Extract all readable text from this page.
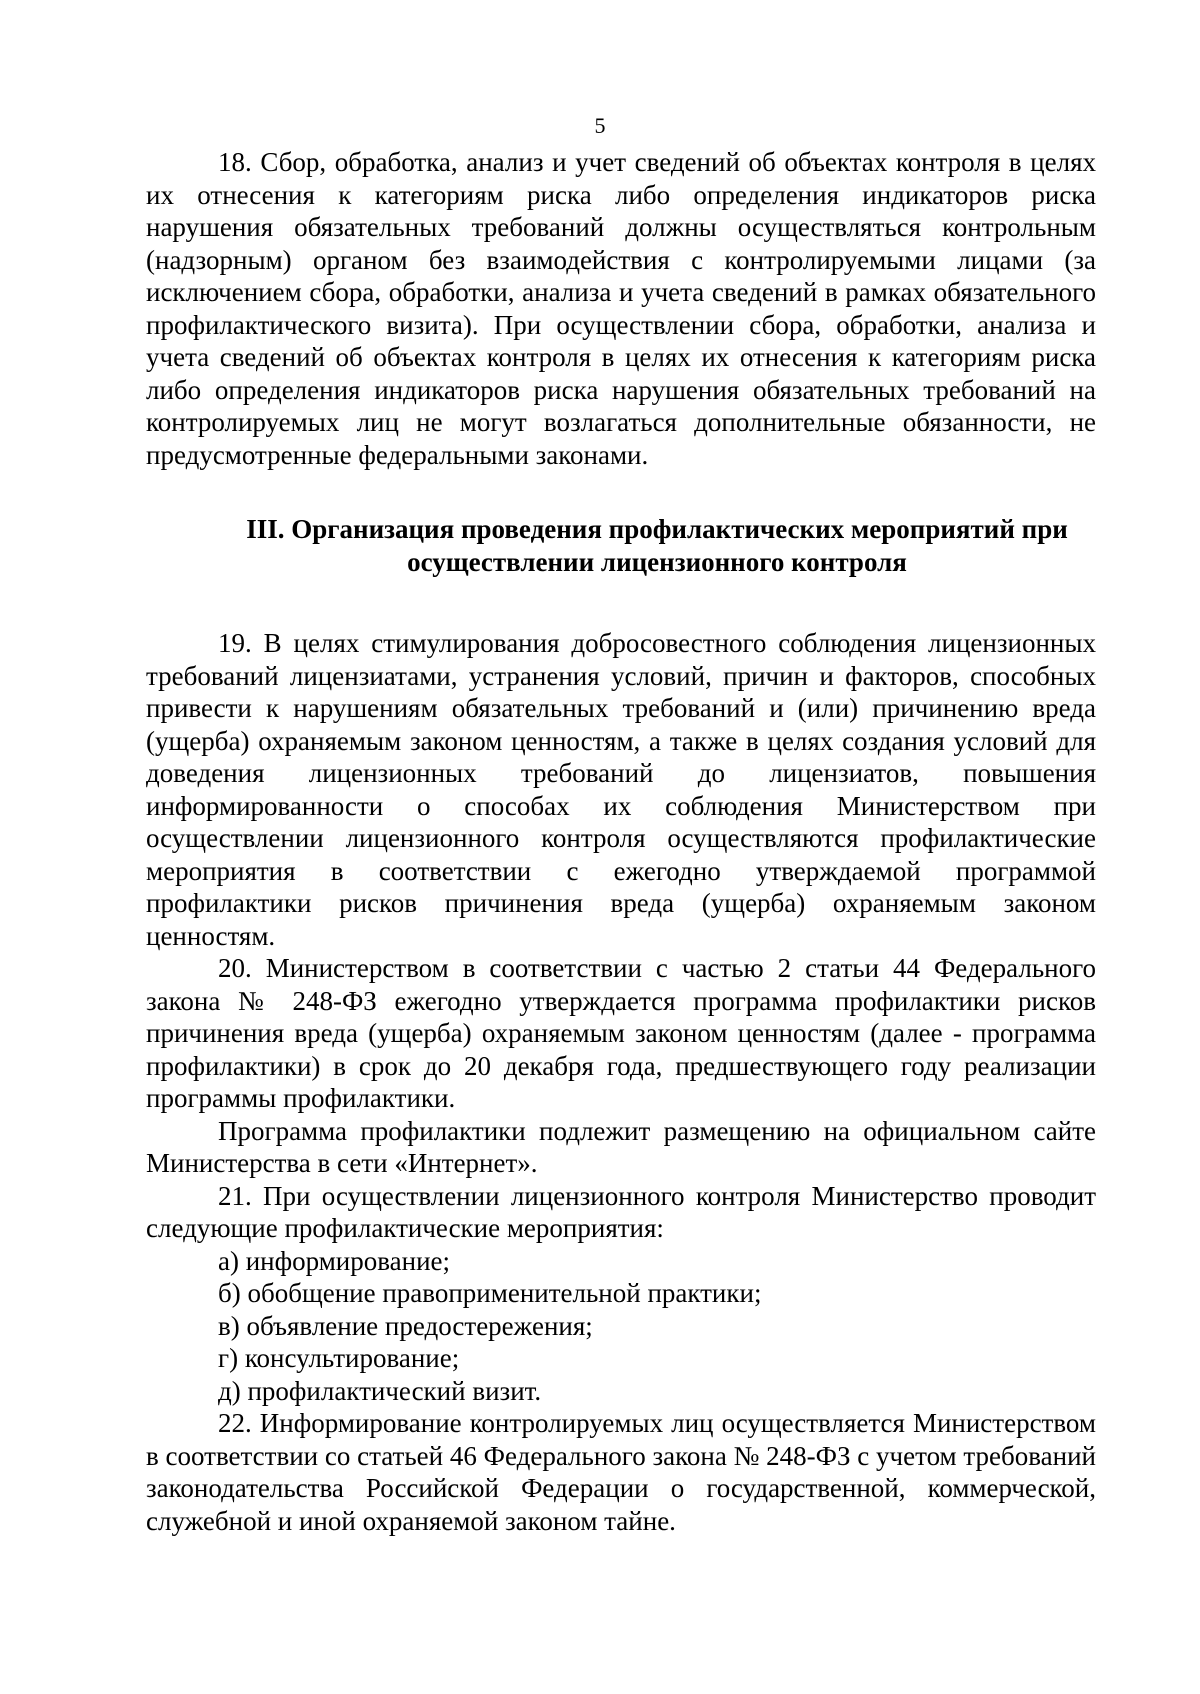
5

18. Сбор, обработка, анализ и учет сведений об объектах контроля в целях их отнесения к категориям риска либо определения индикаторов риска нарушения обязательных требований должны осуществляться контрольным (надзорным) органом без взаимодействия с контролируемыми лицами (за исключением сбора, обработки, анализа и учета сведений в рамках обязательного профилактического визита). При осуществлении сбора, обработки, анализа и учета сведений об объектах контроля в целях их отнесения к категориям риска либо определения индикаторов риска нарушения обязательных требований на контролируемых лиц не могут возлагаться дополнительные обязанности, не предусмотренные федеральными законами.

III. Организация проведения профилактических мероприятий при осуществлении лицензионного контроля

19. В целях стимулирования добросовестного соблюдения лицензионных требований лицензиатами, устранения условий, причин и факторов, способных привести к нарушениям обязательных требований и (или) причинению вреда (ущерба) охраняемым законом ценностям, а также в целях создания условий для доведения лицензионных требований до лицензиатов, повышения информированности о способах их соблюдения Министерством при осуществлении лицензионного контроля осуществляются профилактические мероприятия в соответствии с ежегодно утверждаемой программой профилактики рисков причинения вреда (ущерба) охраняемым законом ценностям.

20. Министерством в соответствии с частью 2 статьи 44 Федерального закона № 248-ФЗ ежегодно утверждается программа профилактики рисков причинения вреда (ущерба) охраняемым законом ценностям (далее - программа профилактики) в срок до 20 декабря года, предшествующего году реализации программы профилактики.

Программа профилактики подлежит размещению на официальном сайте Министерства в сети «Интернет».

21. При осуществлении лицензионного контроля Министерство проводит следующие профилактические мероприятия:

а) информирование;

б) обобщение правоприменительной практики;

в) объявление предостережения;

г) консультирование;

д) профилактический визит.

22. Информирование контролируемых лиц осуществляется Министерством в соответствии со статьей 46 Федерального закона № 248-ФЗ с учетом требований законодательства Российской Федерации о государственной, коммерческой, служебной и иной охраняемой законом тайне.
